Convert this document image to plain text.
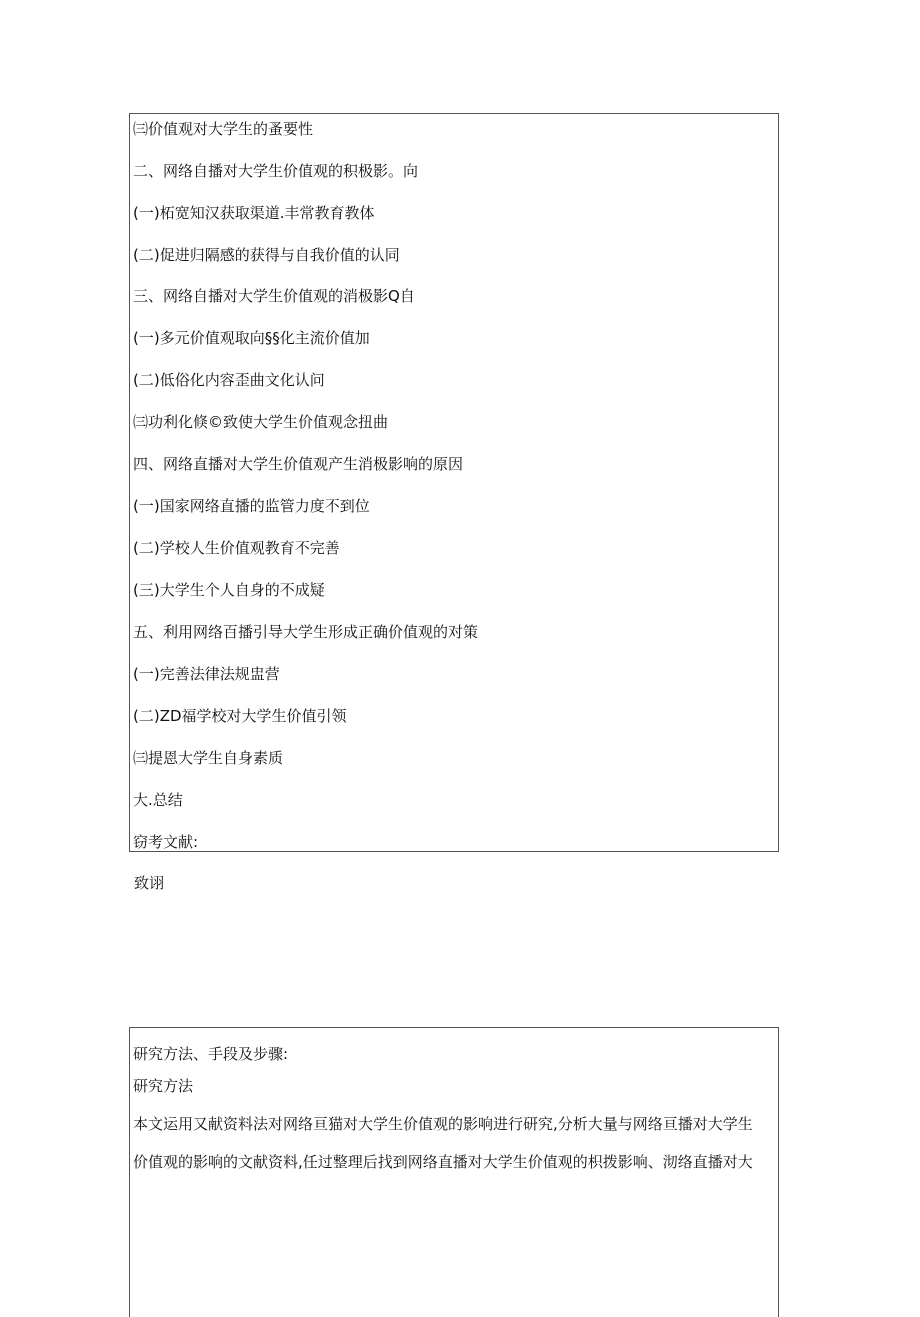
㈢价值观对大学生的蚤要性
二、网络自播对大学生价值观的积极影。向
(一)柘宽知汉获取渠道.丰常教育教体
(二)促进归隔感的获得与自我价值的认同
三、网络自播对大学生价值观的消极影Q自
(一)多元价值观取向§§化主流价值加
(二)低俗化内容歪曲文化认问
㈢功利化倏©致使大学生价值观念扭曲
四、网络直播对大学生价值观产生消极影响的原因
(一)国家网络直播的监管力度不到位
(二)学校人生价值观教育不完善
(三)大学生个人自身的不成疑
五、利用网络百播引导大学生形成正确价值观的对策
(一)完善法律法规盅营
(二)ZD福学校对大学生价值引领
㈢提恩大学生自身素质
大.总结
窃考文献:
致诩
研究方法、手段及步骤:
研究方法
本文运用又献资料法对网络亘猫对大学生价值观的影响进行研究,分析大量与网络亘播对大学生
价值观的影响的文献资料,任过整理后找到网络直播对大学生价值观的枳拨影响、沏络直播对大
